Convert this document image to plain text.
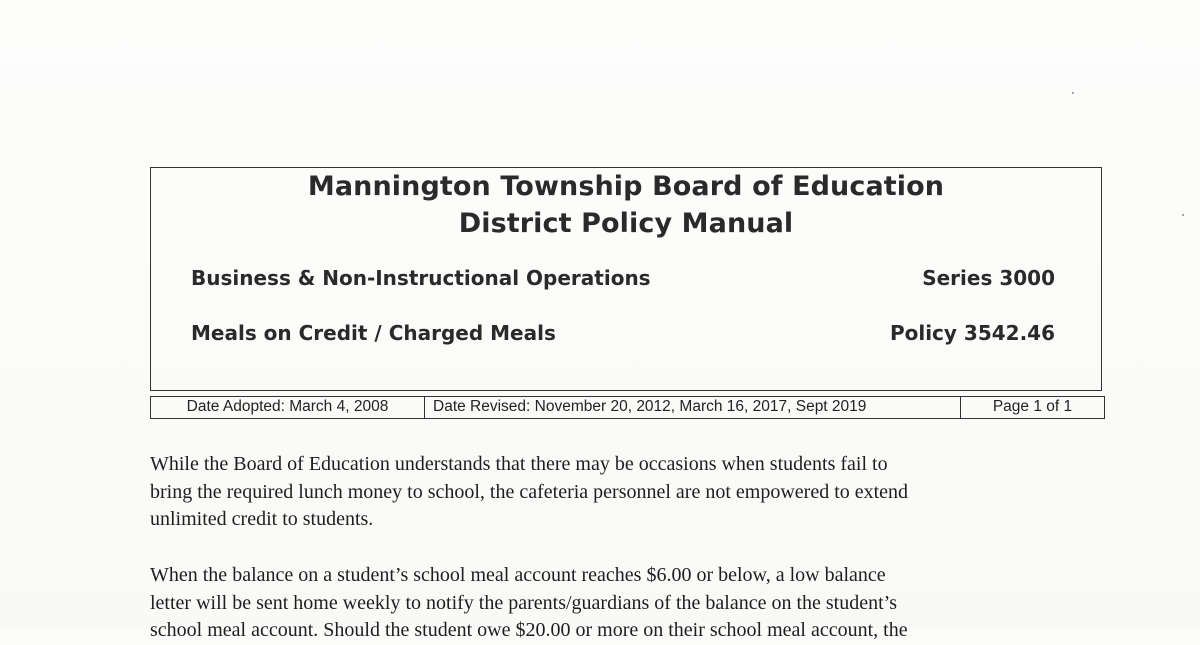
Mannington Township Board of Education
District Policy Manual
Business & Non-Instructional Operations	Series 3000
Meals on Credit / Charged Meals	Policy 3542.46
Date Adopted: March 4, 2008	Date Revised: November 20, 2012, March 16, 2017, Sept 2019	Page 1 of 1
While the Board of Education understands that there may be occasions when students fail to
bring the required lunch money to school, the cafeteria personnel are not empowered to extend
unlimited credit to students.
When the balance on a student’s school meal account reaches $6.00 or below, a low balance
letter will be sent home weekly to notify the parents/guardians of the balance on the student’s
school meal account. Should the student owe $20.00 or more on their school meal account, the
